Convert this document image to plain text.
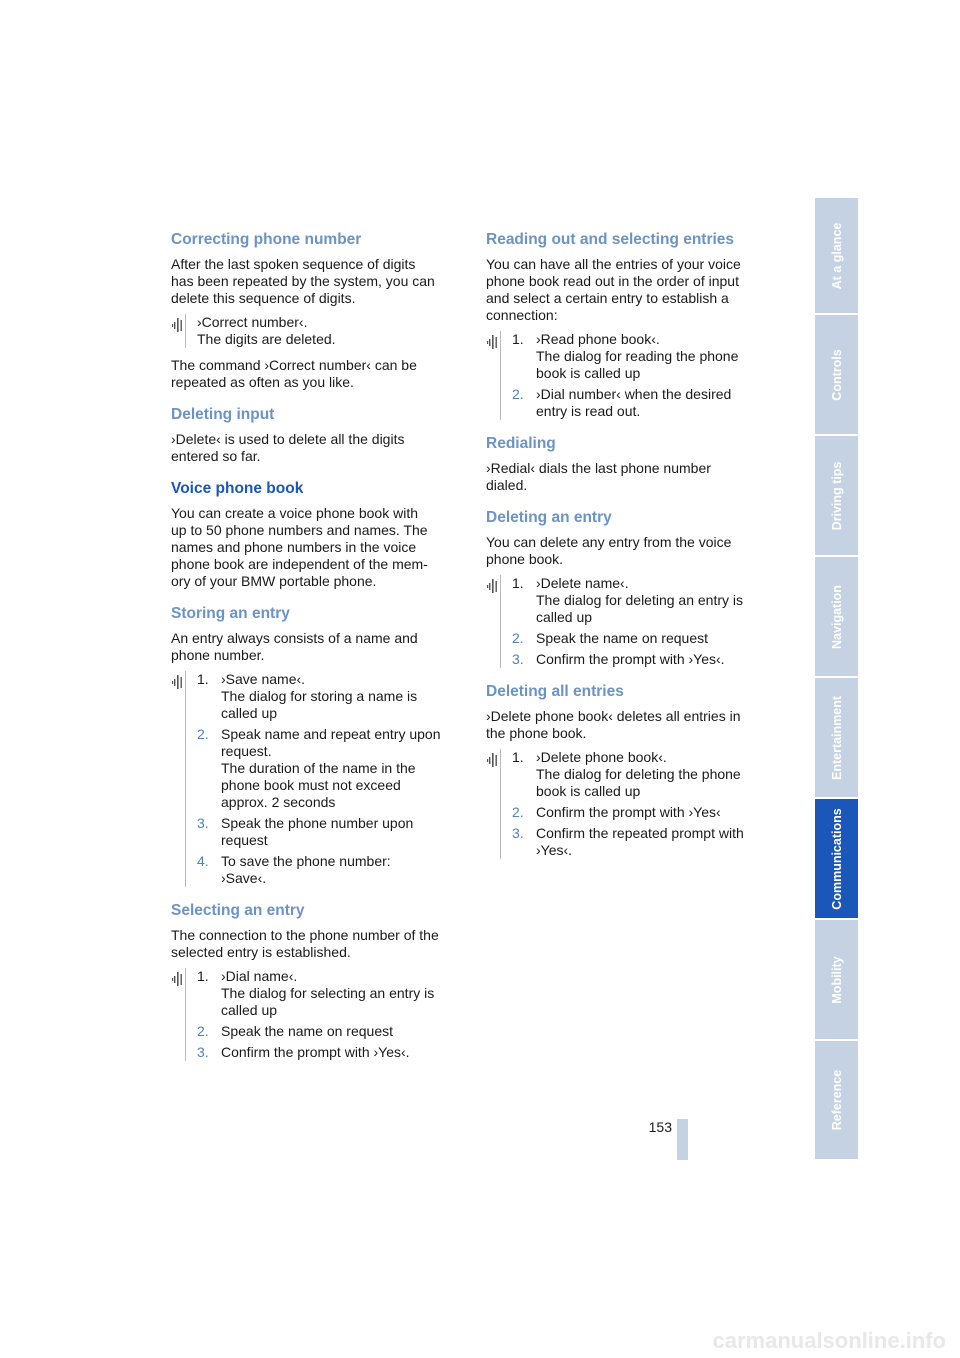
Correcting phone number

After the last spoken sequence of digits
has been repeated by the system, you can
delete this sequence of digits.

›Correct number‹.
The digits are deleted.

The command ›Correct number‹ can be
repeated as often as you like.

Deleting input

›Delete‹ is used to delete all the digits
entered so far.

Voice phone book

You can create a voice phone book with
up to 50 phone numbers and names. The
names and phone numbers in the voice
phone book are independent of the mem-
ory of your BMW portable phone.

Storing an entry

An entry always consists of a name and
phone number.

1. ›Save name‹.
The dialog for storing a name is
called up
2. Speak name and repeat entry upon
request.
The duration of the name in the
phone book must not exceed
approx. 2 seconds
3. Speak the phone number upon
request
4. To save the phone number:
›Save‹.
Selecting an entry

The connection to the phone number of the
selected entry is established.

1. ›Dial name‹.
The dialog for selecting an entry is
called up
2. Speak the name on request
3. Confirm the prompt with ›Yes‹.
Reading out and selecting entries

You can have all the entries of your voice
phone book read out in the order of input
and select a certain entry to establish a
connection:

1. ›Read phone book‹.
The dialog for reading the phone
book is called up
2. ›Dial number‹ when the desired
entry is read out.
Redialing

›Redial‹ dials the last phone number
dialed.

Deleting an entry

You can delete any entry from the voice
phone book.

1. ›Delete name‹.
The dialog for deleting an entry is
called up
2. Speak the name on request
3. Confirm the prompt with ›Yes‹.
Deleting all entries

›Delete phone book‹ deletes all entries in
the phone book.

1. ›Delete phone book‹.
The dialog for deleting the phone
book is called up
2. Confirm the prompt with ›Yes‹
3. Confirm the repeated prompt with
›Yes‹.
At a glance
Controls
Driving tips
Navigation
Entertainment
Communications
Mobility
Reference
153
carmanualsonline.info
